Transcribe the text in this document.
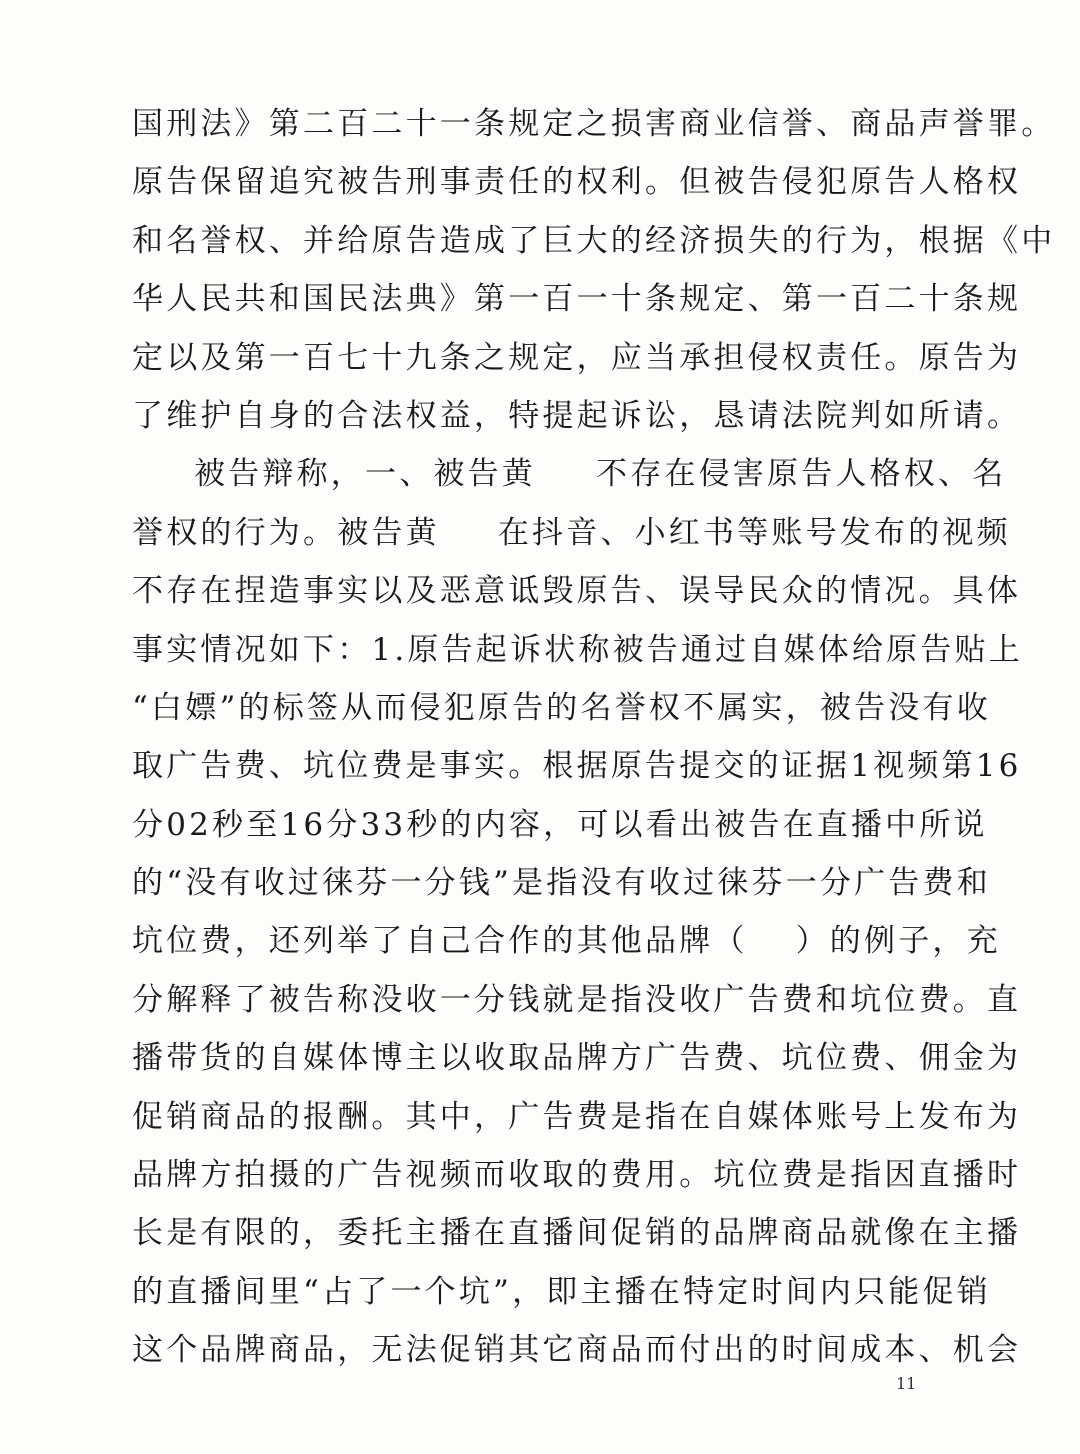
国刑法》第二百二十一条规定之损害商业信誉、商品声誉罪。
原告保留追究被告刑事责任的权利。但被告侵犯原告人格权
和名誉权、并给原告造成了巨大的经济损失的行为，根据《中
华人民共和国民法典》第一百一十条规定、第一百二十条规
定以及第一百七十九条之规定，应当承担侵权责任。原告为
了维护自身的合法权益，特提起诉讼，恳请法院判如所请。
被告辩称，一、被告黄 不存在侵害原告人格权、名
誉权的行为。被告黄 在抖音、小红书等账号发布的视频
不存在捏造事实以及恶意诋毁原告、误导民众的情况。具体
事实情况如下：1.原告起诉状称被告通过自媒体给原告贴上
“白嫖”的标签从而侵犯原告的名誉权不属实，被告没有收
取广告费、坑位费是事实。根据原告提交的证据1视频第16
分02秒至16分33秒的内容，可以看出被告在直播中所说
的“没有收过徕芬一分钱”是指没有收过徕芬一分广告费和
坑位费，还列举了自己合作的其他品牌（ ）的例子，充
分解释了被告称没收一分钱就是指没收广告费和坑位费。直
播带货的自媒体博主以收取品牌方广告费、坑位费、佣金为
促销商品的报酬。其中，广告费是指在自媒体账号上发布为
品牌方拍摄的广告视频而收取的费用。坑位费是指因直播时
长是有限的，委托主播在直播间促销的品牌商品就像在主播
的直播间里“占了一个坑”，即主播在特定时间内只能促销
这个品牌商品，无法促销其它商品而付出的时间成本、机会
11
